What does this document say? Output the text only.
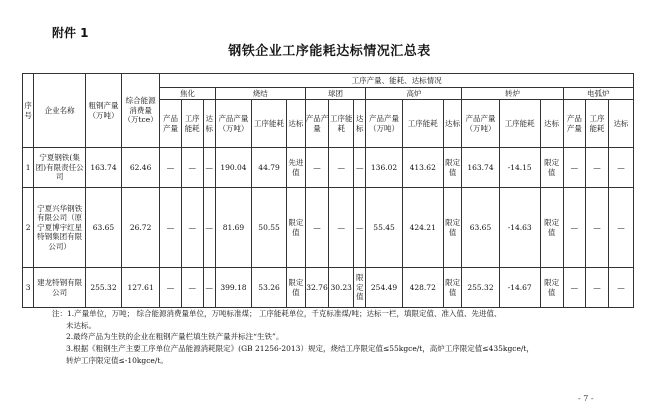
附件 1
钢铁企业工序能耗达标情况汇总表
序号	企业名称	粗钢产量（万吨）	综合能源消费量（万tce）	工序产量、能耗、达标情况																	
				焦化			烧结			球团			高炉			转炉			电弧炉		
				产品产量	工序能耗	达标	产品产量（万吨）	工序能耗	达标	产品产量	工序能耗	达标	产品产量（万吨）	工序能耗	达标	产品产量（万吨）	工序能耗	达标	产品产量	工序能耗	达标
1	宁夏钢铁(集团)有限责任公司	163.74	62.46	—	—	—	190.04	44.79	先进值	—	—	—	136.02	413.62	限定值	163.74	-14.15	限定值	—	—	—
2	宁夏兴华钢铁有限公司（原宁夏博宇红星特钢集团有限公司）	63.65	26.72	—	—	—	81.69	50.55	限定值	—	—	—	55.45	424.21	限定值	63.65	-14.63	限定值	—	—	—
3	建龙特钢有限公司	255.32	127.61	—	—	—	399.18	53.26	限定值	32.76	30.23	限定值	254.49	428.72	限定值	255.32	-14.67	限定值	—	—	—
注：1.产量单位，万吨； 综合能源消费量单位，万吨标准煤； 工序能耗单位，千克标准煤/吨；达标一栏，填限定值、准入值、先进值、
未达标。
2.最终产品为生铁的企业在粗钢产量栏填生铁产量并标注“生铁”。
3.根据《粗钢生产主要工序单位产品能源消耗限定》(GB 21256-2013）规定，烧结工序限定值≤55kgce/t，高炉工序限定值≤435kgce/t，
转炉工序限定值≤-10kgce/t。
- 7 -
